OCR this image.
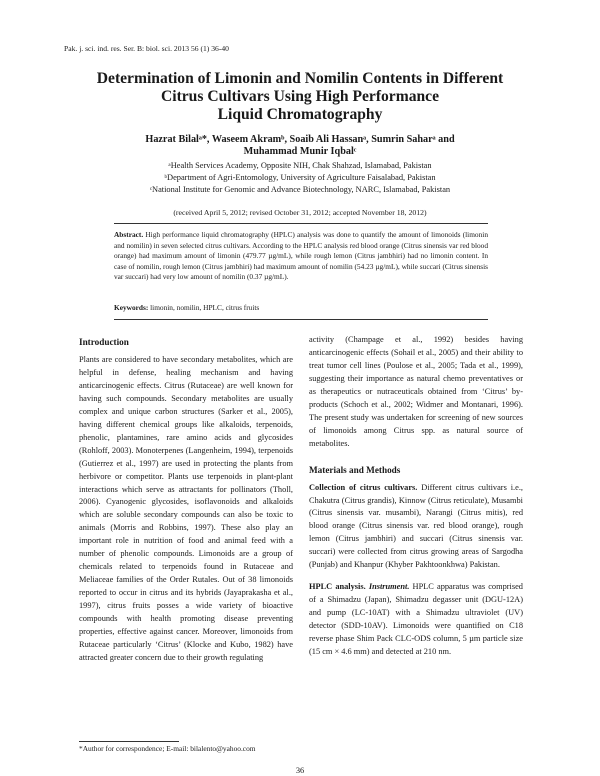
Pak. j. sci. ind. res. Ser. B: biol. sci. 2013 56 (1) 36-40
Determination of Limonin and Nomilin Contents in Different
Citrus Cultivars Using High Performance
Liquid Chromatography
Hazrat Bilalᵃ*, Waseem Akramᵇ, Soaib Ali Hassanᵃ, Sumrin Saharᵃ and
Muhammad Munir Iqbalᶜ
ᵃHealth Services Academy, Opposite NIH, Chak Shahzad, Islamabad, Pakistan
ᵇDepartment of Agri-Entomology, University of Agriculture Faisalabad, Pakistan
ᶜNational Institute for Genomic and Advance Biotechnology, NARC, Islamabad, Pakistan
(received April 5, 2012; revised October 31, 2012; accepted November 18, 2012)
Abstract. High performance liquid chromatography (HPLC) analysis was done to quantify the amount of limonoids (limonin and nomilin) in seven selected citrus cultivars. According to the HPLC analysis red blood orange (Citrus sinensis var red blood orange) had maximum amount of limonin (479.77 µg/mL), while rough lemon (Citrus jambhiri) had no limonin content. In case of nomilin, rough lemon (Citrus jambhiri) had maximum amount of nomilin (54.23 µg/mL), while succari (Citrus sinensis var succari) had very low amount of nomilin (0.37 µg/mL).
Keywords: limonin, nomilin, HPLC, citrus fruits
Introduction

Plants are considered to have secondary metabolites, which are helpful in defense, healing mechanism and having anticarcinogenic effects. Citrus (Rutaceae) are well known for having such compounds. Secondary metabolites are usually complex and unique carbon structures (Sarker et al., 2005), having different chemical groups like alkaloids, terpenoids, phenolic, plantamines, rare amino acids and glycosides (Rohloff, 2003). Monoterpenes (Langenheim, 1994), terpenoids (Gutierrez et al., 1997) are used in protecting the plants from herbivore or competitor. Plants use terpenoids in plant-plant interactions which serve as attractants for pollinators (Tholl, 2006). Cyanogenic glycosides, isoflavonoids and alkaloids which are soluble secondary compounds can also be toxic to animals (Morris and Robbins, 1997). These also play an important role in nutrition of food and animal feed with a number of phenolic compounds. Limonoids are a group of chemicals related to terpenoids found in Rutaceae and Meliaceae families of the Order Rutales. Out of 38 limonoids reported to occur in citrus and its hybrids (Jayaprakasha et al., 1997), citrus fruits posses a wide variety of bioactive compounds with health promoting disease preventing properties, effective against cancer. Moreover, limonoids from Rutaceae particularly ‘Citrus’ (Klocke and Kubo, 1982) have attracted greater concern due to their growth regulating

activity (Champage et al., 1992) besides having anticarcinogenic effects (Sohail et al., 2005) and their ability to treat tumor cell lines (Poulose et al., 2005; Tada et al., 1999), suggesting their importance as natural chemo preventatives or as therapeutics or nutraceuticals obtained from ‘Citrus’ by-products (Schoch et al., 2002; Widmer and Montanari, 1996). The present study was undertaken for screening of new sources of limonoids among Citrus spp. as natural source of metabolites.

Materials and Methods

Collection of citrus cultivars. Different citrus cultivars i.e., Chakutra (Citrus grandis), Kinnow (Citrus reticulate), Musambi (Citrus sinensis var. musambi), Narangi (Citrus mitis), red blood orange (Citrus sinensis var. red blood orange), rough lemon (Citrus jambhiri) and succari (Citrus sinensis var. succari) were collected from citrus growing areas of Sargodha (Punjab) and Khanpur (Khyber Pakhtoonkhwa) Pakistan.

HPLC analysis. Instrument. HPLC apparatus was comprised of a Shimadzu (Japan), Shimadzu degasser unit (DGU-12A) and pump (LC-10AT) with a Shimadzu ultraviolet (UV) detector (SDD-10AV). Limonoids were quantified on C18 reverse phase Shim Pack CLC-ODS column, 5 µm particle size (15 cm × 4.6 mm) and detected at 210 nm.

*Author for correspondence; E-mail: bilalento@yahoo.com
36
